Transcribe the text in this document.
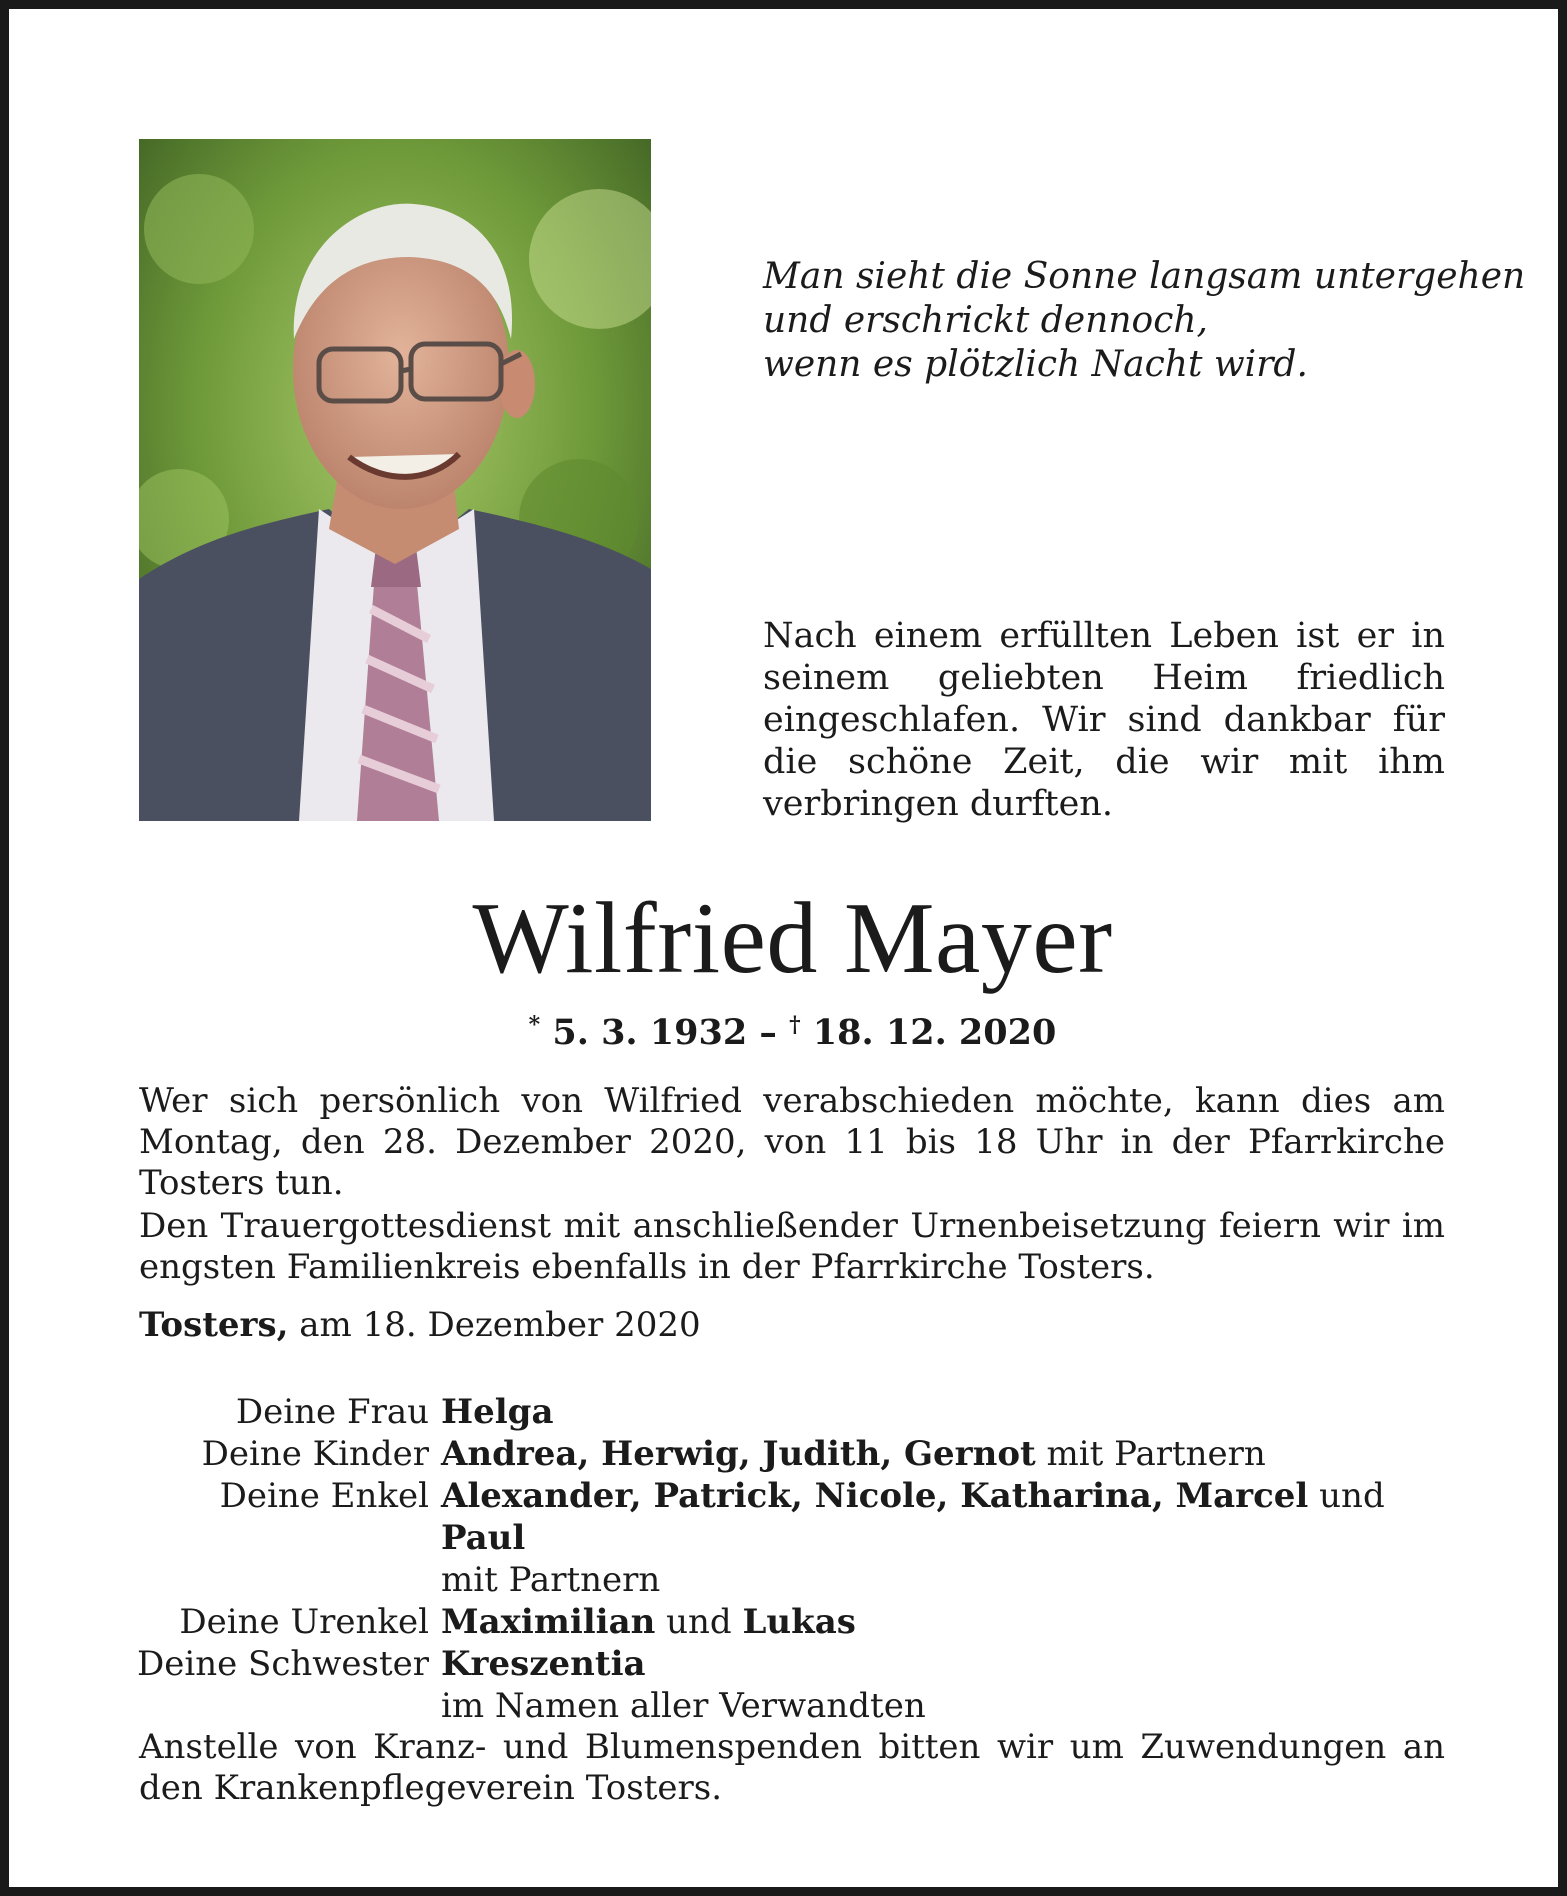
Man sieht die Sonne langsam untergehen
und erschrickt dennoch,
wenn es plötzlich Nacht wird.
Nach einem erfüllten Leben ist er in seinem geliebten Heim friedlich eingeschlafen. Wir sind dankbar für die schöne Zeit, die wir mit ihm verbringen durften.
Wilfried Mayer
* 5. 3. 1932 – † 18. 12. 2020

Wer sich persönlich von Wilfried verabschieden möchte, kann dies am Montag, den 28. Dezember 2020, von 11 bis 18 Uhr in der Pfarrkirche Tosters tun.

Den Trauergottesdienst mit anschließender Urnenbeisetzung feiern wir im engsten Familienkreis ebenfalls in der Pfarrkirche Tosters.

Tosters, am 18. Dezember 2020
Deine Frau Helga
Deine Kinder Andrea, Herwig, Judith, Gernot mit Partnern
Deine Enkel Alexander, Patrick, Nicole, Katharina, Marcel und Paul
mit Partnern
Deine Urenkel Maximilian und Lukas
Deine Schwester Kreszentia
im Namen aller Verwandten
Anstelle von Kranz- und Blumenspenden bitten wir um Zuwendungen an den Krankenpflegeverein Tosters.
